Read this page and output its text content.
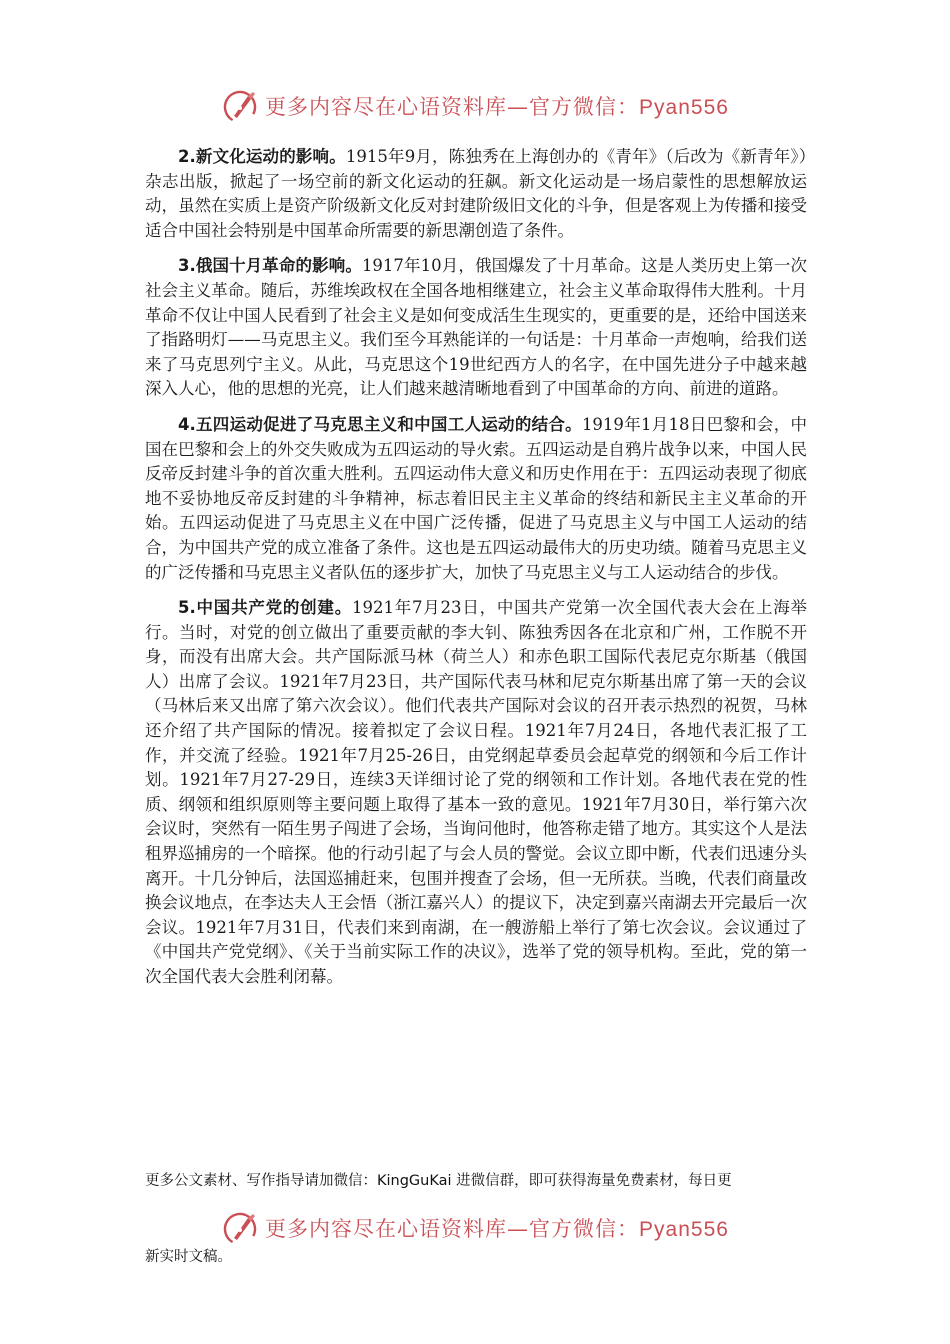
更多内容尽在心语资料库—官方微信：Pyan556

2.新文化运动的影响。1915年9月，陈独秀在上海创办的《青年》（后改为《新青年》）杂志出版，掀起了一场空前的新文化运动的狂飙。新文化运动是一场启蒙性的思想解放运动，虽然在实质上是资产阶级新文化反对封建阶级旧文化的斗争，但是客观上为传播和接受适合中国社会特别是中国革命所需要的新思潮创造了条件。

3.俄国十月革命的影响。1917年10月，俄国爆发了十月革命。这是人类历史上第一次社会主义革命。随后，苏维埃政权在全国各地相继建立，社会主义革命取得伟大胜利。十月革命不仅让中国人民看到了社会主义是如何变成活生生现实的，更重要的是，还给中国送来了指路明灯——马克思主义。我们至今耳熟能详的一句话是：十月革命一声炮响，给我们送来了马克思列宁主义。从此，马克思这个19世纪西方人的名字，在中国先进分子中越来越深入人心，他的思想的光亮，让人们越来越清晰地看到了中国革命的方向、前进的道路。

4.五四运动促进了马克思主义和中国工人运动的结合。1919年1月18日巴黎和会，中国在巴黎和会上的外交失败成为五四运动的导火索。五四运动是自鸦片战争以来，中国人民反帝反封建斗争的首次重大胜利。五四运动伟大意义和历史作用在于：五四运动表现了彻底地不妥协地反帝反封建的斗争精神，标志着旧民主主义革命的终结和新民主主义革命的开始。五四运动促进了马克思主义在中国广泛传播，促进了马克思主义与中国工人运动的结合，为中国共产党的成立准备了条件。这也是五四运动最伟大的历史功绩。随着马克思主义的广泛传播和马克思主义者队伍的逐步扩大，加快了马克思主义与工人运动结合的步伐。

5.中国共产党的创建。1921年7月23日，中国共产党第一次全国代表大会在上海举行。当时，对党的创立做出了重要贡献的李大钊、陈独秀因各在北京和广州，工作脱不开身，而没有出席大会。共产国际派马林（荷兰人）和赤色职工国际代表尼克尔斯基（俄国人）出席了会议。1921年7月23日，共产国际代表马林和尼克尔斯基出席了第一天的会议（马林后来又出席了第六次会议）。他们代表共产国际对会议的召开表示热烈的祝贺，马林还介绍了共产国际的情况。接着拟定了会议日程。1921年7月24日，各地代表汇报了工作，并交流了经验。1921年7月25-26日，由党纲起草委员会起草党的纲领和今后工作计划。1921年7月27-29日，连续3天详细讨论了党的纲领和工作计划。各地代表在党的性质、纲领和组织原则等主要问题上取得了基本一致的意见。1921年7月30日，举行第六次会议时，突然有一陌生男子闯进了会场，当询问他时，他答称走错了地方。其实这个人是法租界巡捕房的一个暗探。他的行动引起了与会人员的警觉。会议立即中断，代表们迅速分头离开。十几分钟后，法国巡捕赶来，包围并搜查了会场，但一无所获。当晚，代表们商量改换会议地点，在李达夫人王会悟（浙江嘉兴人）的提议下，决定到嘉兴南湖去开完最后一次会议。1921年7月31日，代表们来到南湖，在一艘游船上举行了第七次会议。会议通过了《中国共产党党纲》、《关于当前实际工作的决议》，选举了党的领导机构。至此，党的第一次全国代表大会胜利闭幕。

更多公文素材、写作指导请加微信：KingGuKai 进微信群，即可获得海量免费素材，每日更
更多内容尽在心语资料库—官方微信：Pyan556
新实时文稿。
